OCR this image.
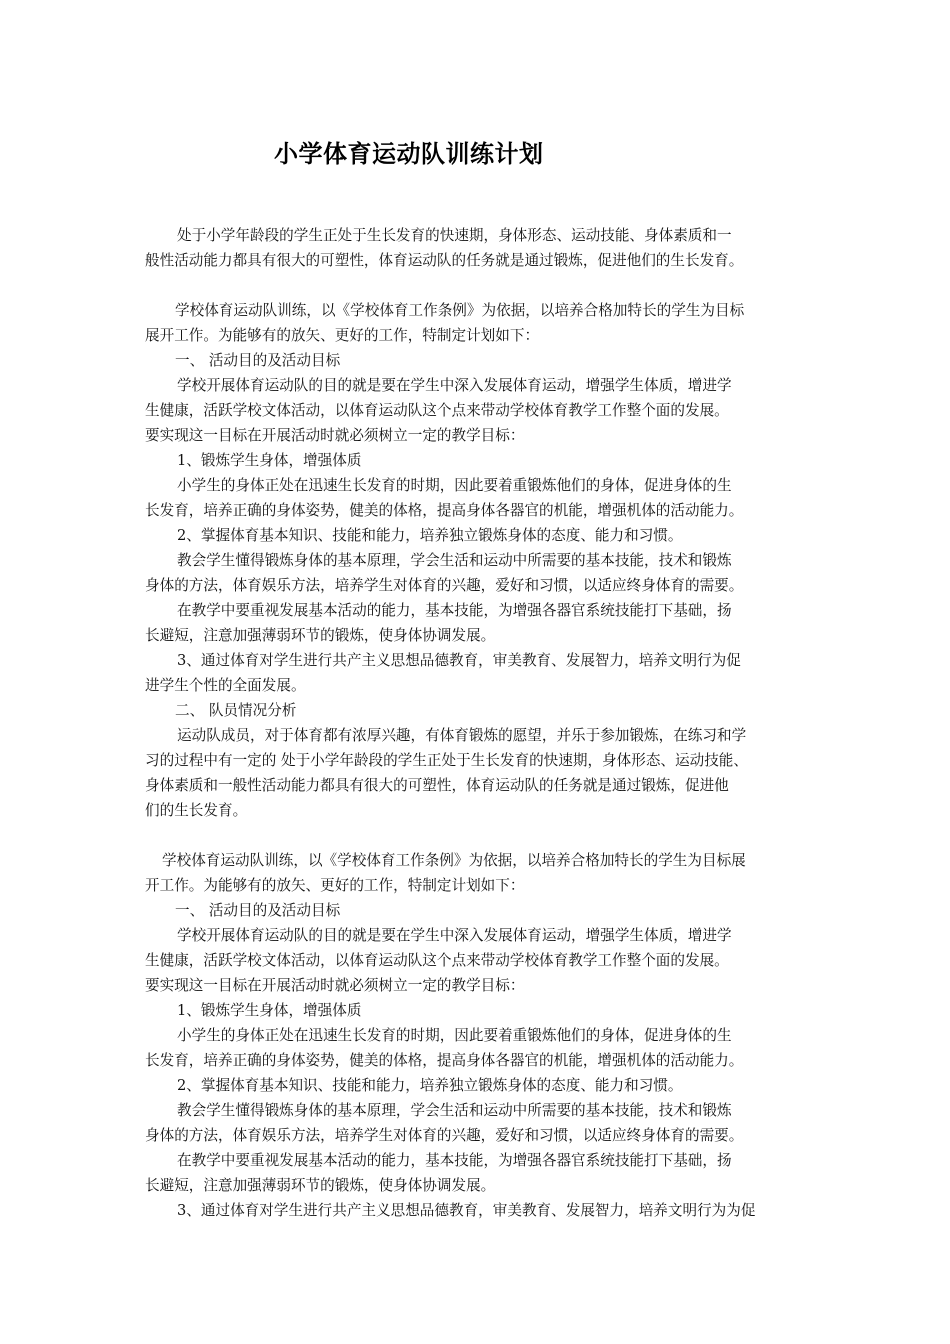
小学体育运动队训练计划
处于小学年龄段的学生正处于生长发育的快速期，身体形态、运动技能、身体素质和一
般性活动能力都具有很大的可塑性，体育运动队的任务就是通过锻炼，促进他们的生长发育。
学校体育运动队训练，以《学校体育工作条例》为依据，以培养合格加特长的学生为目标
展开工作。为能够有的放矢、更好的工作，特制定计划如下：
一、 活动目的及活动目标
学校开展体育运动队的目的就是要在学生中深入发展体育运动，增强学生体质，增进学
生健康，活跃学校文体活动，以体育运动队这个点来带动学校体育教学工作整个面的发展。
要实现这一目标在开展活动时就必须树立一定的教学目标：
1、锻炼学生身体，增强体质
小学生的身体正处在迅速生长发育的时期，因此要着重锻炼他们的身体，促进身体的生
长发育，培养正确的身体姿势，健美的体格，提高身体各器官的机能，增强机体的活动能力。
2、掌握体育基本知识、技能和能力，培养独立锻炼身体的态度、能力和习惯。
教会学生懂得锻炼身体的基本原理，学会生活和运动中所需要的基本技能，技术和锻炼
身体的方法，体育娱乐方法，培养学生对体育的兴趣，爱好和习惯，以适应终身体育的需要。
在教学中要重视发展基本活动的能力，基本技能，为增强各器官系统技能打下基础，扬
长避短，注意加强薄弱环节的锻炼，使身体协调发展。
3、通过体育对学生进行共产主义思想品德教育，审美教育、发展智力，培养文明行为促
进学生个性的全面发展。
二、 队员情况分析
运动队成员，对于体育都有浓厚兴趣，有体育锻炼的愿望，并乐于参加锻炼，在练习和学
习的过程中有一定的 处于小学年龄段的学生正处于生长发育的快速期，身体形态、运动技能、
身体素质和一般性活动能力都具有很大的可塑性，体育运动队的任务就是通过锻炼，促进他
们的生长发育。
学校体育运动队训练，以《学校体育工作条例》为依据，以培养合格加特长的学生为目标展
开工作。为能够有的放矢、更好的工作，特制定计划如下：
一、 活动目的及活动目标
学校开展体育运动队的目的就是要在学生中深入发展体育运动，增强学生体质，增进学
生健康，活跃学校文体活动，以体育运动队这个点来带动学校体育教学工作整个面的发展。
要实现这一目标在开展活动时就必须树立一定的教学目标：
1、锻炼学生身体，增强体质
小学生的身体正处在迅速生长发育的时期，因此要着重锻炼他们的身体，促进身体的生
长发育，培养正确的身体姿势，健美的体格，提高身体各器官的机能，增强机体的活动能力。
2、掌握体育基本知识、技能和能力，培养独立锻炼身体的态度、能力和习惯。
教会学生懂得锻炼身体的基本原理，学会生活和运动中所需要的基本技能，技术和锻炼
身体的方法，体育娱乐方法，培养学生对体育的兴趣，爱好和习惯，以适应终身体育的需要。
在教学中要重视发展基本活动的能力，基本技能，为增强各器官系统技能打下基础，扬
长避短，注意加强薄弱环节的锻炼，使身体协调发展。
3、通过体育对学生进行共产主义思想品德教育，审美教育、发展智力，培养文明行为为促
